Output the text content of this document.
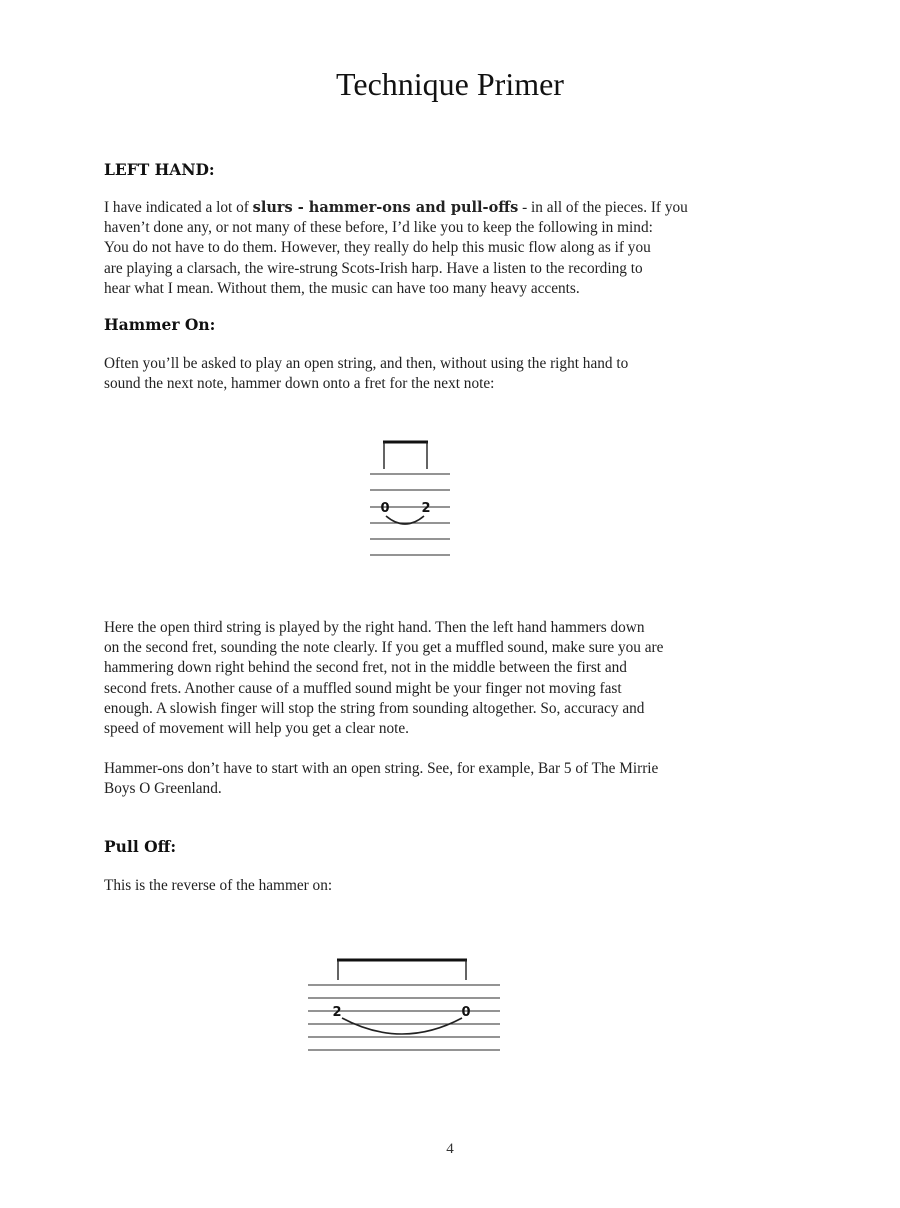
Technique Primer
LEFT HAND:
I have indicated a lot of slurs - hammer-ons and pull-offs - in all of the pieces. If you
haven’t done any, or not many of these before, I’d like you to keep the following in mind:
You do not have to do them. However, they really do help this music flow along as if you
are playing a clarsach, the wire-strung Scots-Irish harp. Have a listen to the recording to
hear what I mean. Without them, the music can have too many heavy accents.
Hammer On:
Often you’ll be asked to play an open string, and then, without using the right hand to
sound the next note, hammer down onto a fret for the next note:
0 2
Here the open third string is played by the right hand. Then the left hand hammers down
on the second fret, sounding the note clearly. If you get a muffled sound, make sure you are
hammering down right behind the second fret, not in the middle between the first and
second frets. Another cause of a muffled sound might be your finger not moving fast
enough. A slowish finger will stop the string from sounding altogether. So, accuracy and
speed of movement will help you get a clear note.
Hammer-ons don’t have to start with an open string. See, for example, Bar 5 of The Mirrie
Boys O Greenland.
Pull Off:
This is the reverse of the hammer on:
2	0
4
